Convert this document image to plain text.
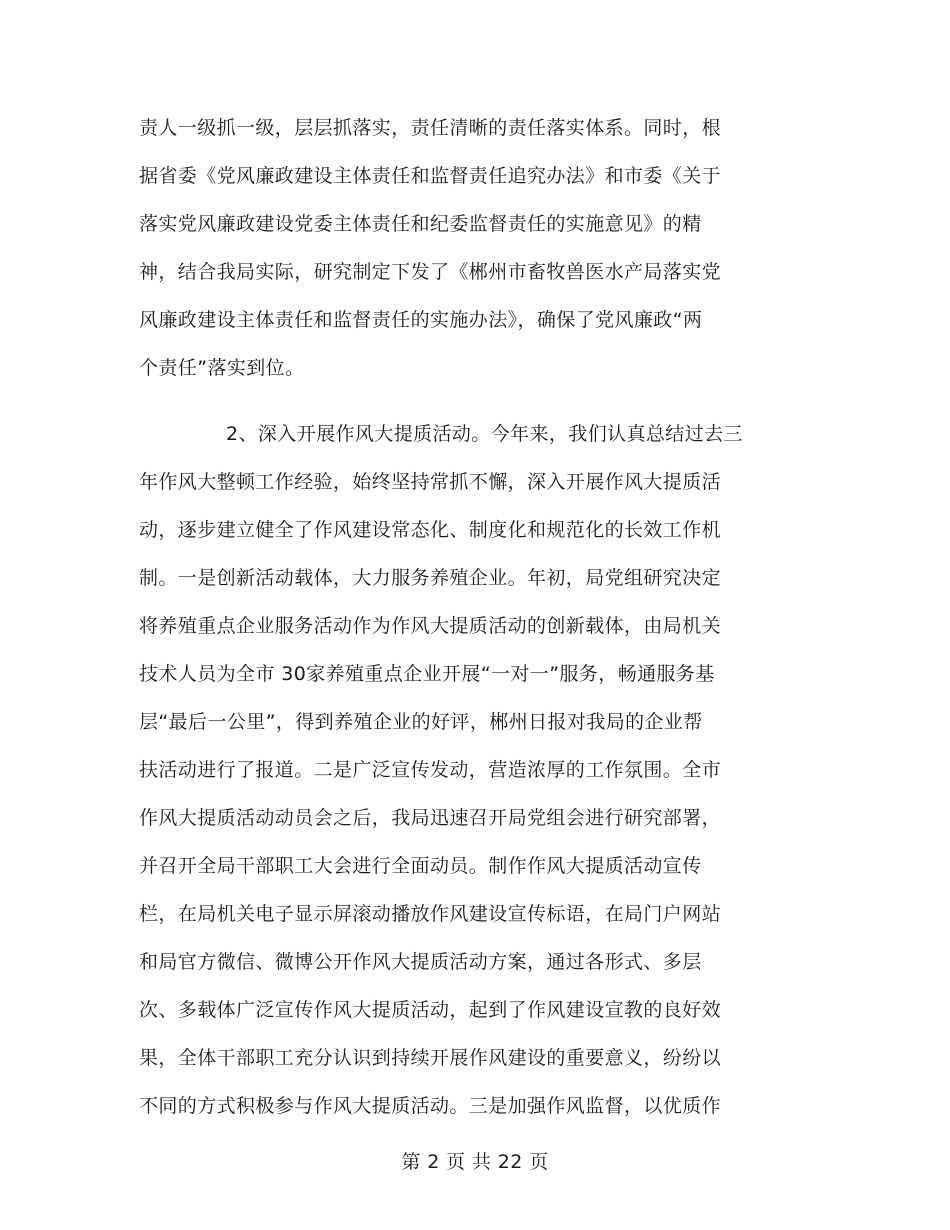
责人一级抓一级，层层抓落实，责任清晰的责任落实体系。同时，根
据省委《党风廉政建设主体责任和监督责任追究办法》和市委《关于
落实党风廉政建设党委主体责任和纪委监督责任的实施意见》的精
神，结合我局实际，研究制定下发了《郴州市畜牧兽医水产局落实党
风廉政建设主体责任和监督责任的实施办法》，确保了党风廉政“两
个责任”落实到位。
2、深入开展作风大提质活动。今年来，我们认真总结过去三
年作风大整顿工作经验，始终坚持常抓不懈，深入开展作风大提质活
动，逐步建立健全了作风建设常态化、制度化和规范化的长效工作机
制。一是创新活动载体，大力服务养殖企业。年初，局党组研究决定
将养殖重点企业服务活动作为作风大提质活动的创新载体，由局机关
技术人员为全市 30家养殖重点企业开展“一对一”服务，畅通服务基
层“最后一公里”，得到养殖企业的好评，郴州日报对我局的企业帮
扶活动进行了报道。二是广泛宣传发动，营造浓厚的工作氛围。全市
作风大提质活动动员会之后，我局迅速召开局党组会进行研究部署，
并召开全局干部职工大会进行全面动员。制作作风大提质活动宣传
栏，在局机关电子显示屏滚动播放作风建设宣传标语，在局门户网站
和局官方微信、微博公开作风大提质活动方案，通过各形式、多层
次、多载体广泛宣传作风大提质活动，起到了作风建设宣教的良好效
果，全体干部职工充分认识到持续开展作风建设的重要意义，纷纷以
不同的方式积极参与作风大提质活动。三是加强作风监督，以优质作
第 2 页 共 22 页
